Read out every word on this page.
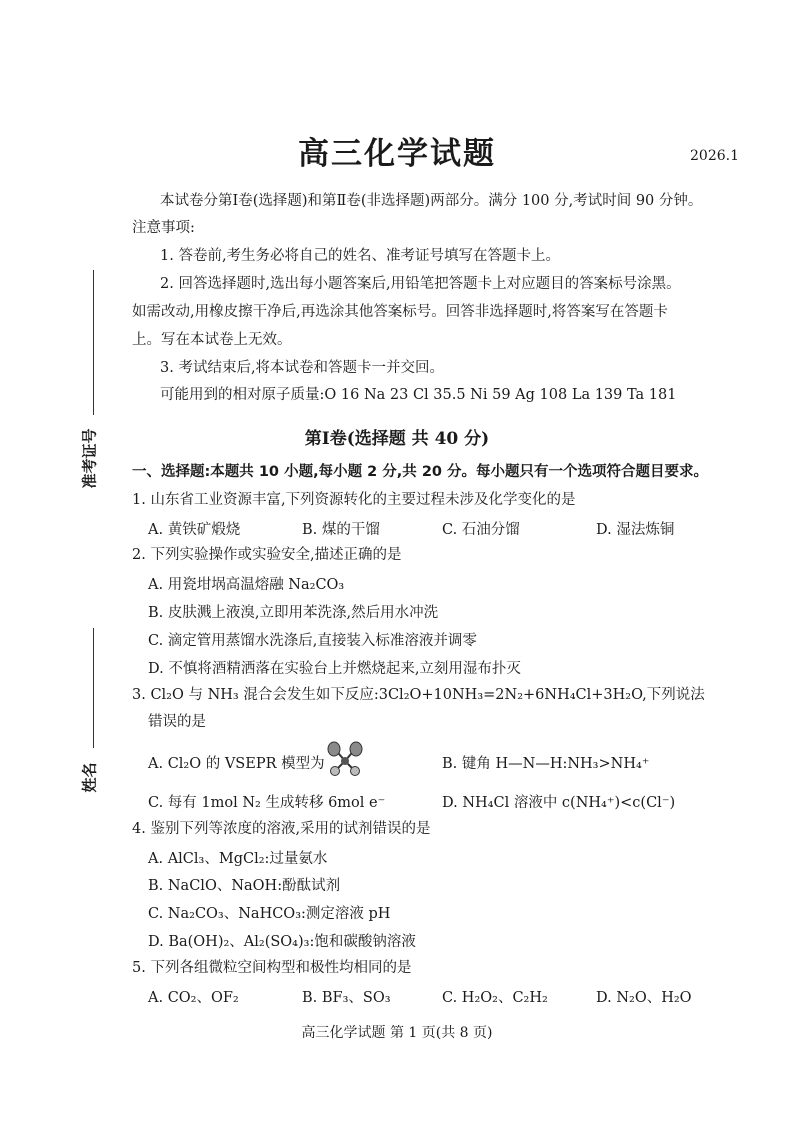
准考证号
姓名
高三化学试题	2026.1
本试卷分第Ⅰ卷(选择题)和第Ⅱ卷(非选择题)两部分。满分 100 分,考试时间 90 分钟。
注意事项:
1. 答卷前,考生务必将自己的姓名、准考证号填写在答题卡上。
2. 回答选择题时,选出每小题答案后,用铅笔把答题卡上对应题目的答案标号涂黑。
如需改动,用橡皮擦干净后,再选涂其他答案标号。回答非选择题时,将答案写在答题卡
上。写在本试卷上无效。
3. 考试结束后,将本试卷和答题卡一并交回。
可能用到的相对原子质量:O 16 Na 23 Cl 35.5 Ni 59 Ag 108 La 139 Ta 181
第Ⅰ卷(选择题 共 40 分)
一、选择题:本题共 10 小题,每小题 2 分,共 20 分。每小题只有一个选项符合题目要求。
1. 山东省工业资源丰富,下列资源转化的主要过程未涉及化学变化的是
A. 黄铁矿煅烧	B. 煤的干馏	C. 石油分馏	D. 湿法炼铜
2. 下列实验操作或实验安全,描述正确的是
A. 用瓷坩埚高温熔融 Na₂CO₃
B. 皮肤溅上液溴,立即用苯洗涤,然后用水冲洗
C. 滴定管用蒸馏水洗涤后,直接装入标准溶液并调零
D. 不慎将酒精洒落在实验台上并燃烧起来,立刻用湿布扑灭
3. Cl₂O 与 NH₃ 混合会发生如下反应:3Cl₂O+10NH₃=2N₂+6NH₄Cl+3H₂O,下列说法
错误的是
A. Cl₂O 的 VSEPR 模型为	B. 键角 H—N—H:NH₃>NH₄⁺
C. 每有 1mol N₂ 生成转移 6mol e⁻	D. NH₄Cl 溶液中 c(NH₄⁺)<c(Cl⁻)
4. 鉴别下列等浓度的溶液,采用的试剂错误的是
A. AlCl₃、MgCl₂:过量氨水
B. NaClO、NaOH:酚酞试剂
C. Na₂CO₃、NaHCO₃:测定溶液 pH
D. Ba(OH)₂、Al₂(SO₄)₃:饱和碳酸钠溶液
5. 下列各组微粒空间构型和极性均相同的是
A. CO₂、OF₂	B. BF₃、SO₃	C. H₂O₂、C₂H₂	D. N₂O、H₂O
高三化学试题 第 1 页(共 8 页)
